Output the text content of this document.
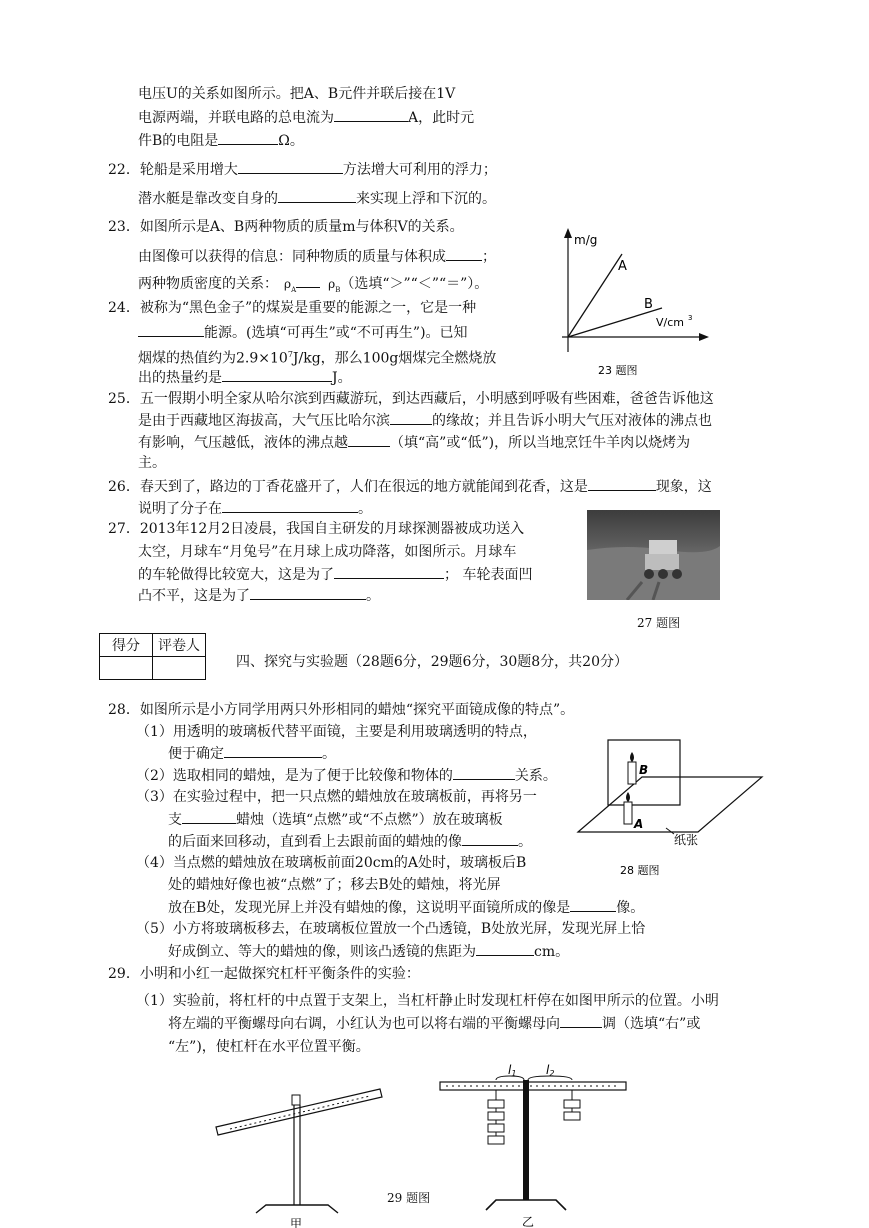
电压U的关系如图所示。把A、B元件并联后接在1V
电源两端，并联电路的总电流为	A，此时元
件B的电阻是	Ω。
22．轮船是采用增大	方法增大可利用的浮力；
潜水艇是靠改变自身的	来实现上浮和下沉的。
23．如图所示是A、B两种物质的质量m与体积V的关系。
由图像可以获得的信息：同种物质的质量与体积成	；
两种物质密度的关系： $\rho_A$	$\rho_B$（选填“＞”“＜”“＝”）。
m/g
A
B
V/cm 3
23 题图
24．被称为“黑色金子”的煤炭是重要的能源之一，它是一种
能源。(选填“可再生”或“不可再生”)。已知
烟煤的热值约为$2.9\times 10^7J/kg$，那么100g烟煤完全燃烧放
出的热量约是	J。
25．五一假期小明全家从哈尔滨到西藏游玩，到达西藏后，小明感到呼吸有些困难，爸爸告诉他这
是由于西藏地区海拔高，大气压比哈尔滨	的缘故；并且告诉小明大气压对液体的沸点也
有影响，气压越低，液体的沸点越	（填“高”或“低”)，所以当地烹饪牛羊肉以烧烤为
主。
26．春天到了，路边的丁香花盛开了，人们在很远的地方就能闻到花香，这是	现象，这
说明了分子在	。
27．2013年12月2日凌晨，我国自主研发的月球探测器被成功送入
太空，月球车“月兔号”在月球上成功降落，如图所示。月球车
的车轮做得比较宽大，这是为了	； 车轮表面凹
凸不平，这是为了	。
27 题图
得分	评卷人

四、探究与实验题（28题6分，29题6分，30题8分，共20分）
28．如图所示是小方同学用两只外形相同的蜡烛“探究平面镜成像的特点”。
（1）用透明的玻璃板代替平面镜，主要是利用玻璃透明的特点，
便于确定	。
（2）选取相同的蜡烛，是为了便于比较像和物体的	关系。
（3）在实验过程中，把一只点燃的蜡烛放在玻璃板前，再将另一
支	蜡烛（选填“点燃”或“不点燃”）放在玻璃板
的后面来回移动，直到看上去跟前面的蜡烛的像	。
（4）当点燃的蜡烛放在玻璃板前面20cm的A处时，玻璃板后B
处的蜡烛好像也被“点燃”了；移去B处的蜡烛，将光屏
放在B处，发现光屏上并没有蜡烛的像，这说明平面镜所成的像是	像。
（5）小方将玻璃板移去，在玻璃板位置放一个凸透镜，B处放光屏，发现光屏上恰
好成倒立、等大的蜡烛的像，则该凸透镜的焦距为	cm。
B
A
纸张
28 题图
29．小明和小红一起做探究杠杆平衡条件的实验：
（1）实验前，将杠杆的中点置于支架上，当杠杆静止时发现杠杆停在如图甲所示的位置。小明
将左端的平衡螺母向右调，小红认为也可以将右端的平衡螺母向	调（选填“右”或
“左”)，使杠杆在水平位置平衡。
甲
29 题图
l1 l2
乙
